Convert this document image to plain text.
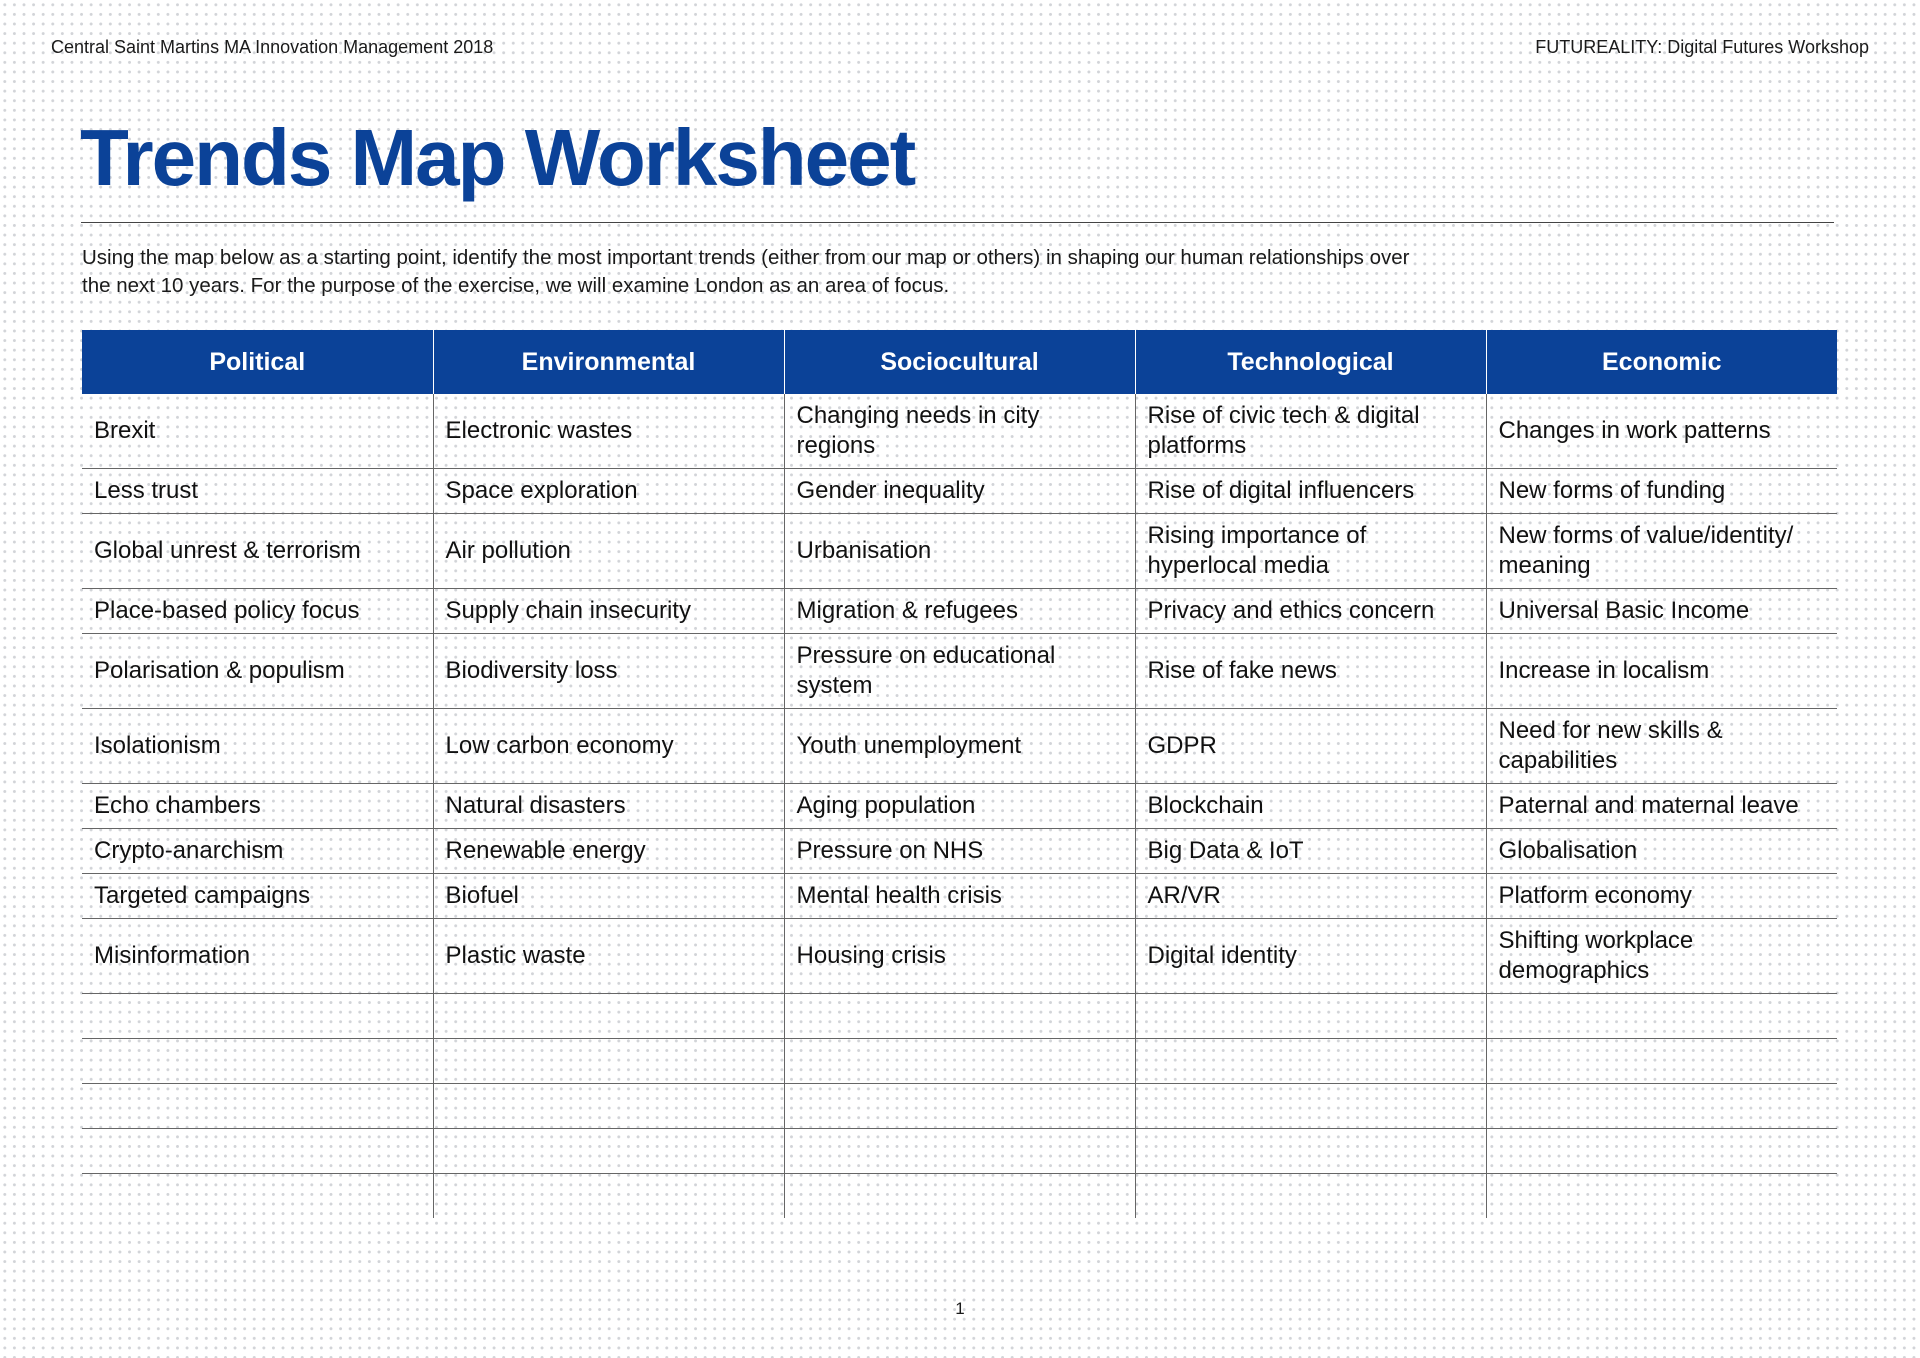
Central Saint Martins MA Innovation Management 2018	FUTUREALITY: Digital Futures Workshop
Trends Map Worksheet

Using the map below as a starting point, identify the most important trends (either from our map or others) in shaping our human relationships over the next 10 years. For the purpose of the exercise, we will examine London as an area of focus.

Political	Environmental	Sociocultural	Technological	Economic
Brexit	Electronic wastes	Changing needs in city regions	Rise of civic tech & digital platforms	Changes in work patterns
Less trust	Space exploration	Gender inequality	Rise of digital influencers	New forms of funding
Global unrest & terrorism	Air pollution	Urbanisation	Rising importance of hyperlocal media	New forms of value/identity/ meaning
Place-based policy focus	Supply chain insecurity	Migration & refugees	Privacy and ethics concern	Universal Basic Income
Polarisation & populism	Biodiversity loss	Pressure on educational system	Rise of fake news	Increase in localism
Isolationism	Low carbon economy	Youth unemployment	GDPR	Need for new skills & capabilities
Echo chambers	Natural disasters	Aging population	Blockchain	Paternal and maternal leave
Crypto-anarchism	Renewable energy	Pressure on NHS	Big Data & IoT	Globalisation
Targeted campaigns	Biofuel	Mental health crisis	AR/VR	Platform economy
Misinformation	Plastic waste	Housing crisis	Digital identity	Shifting workplace demographics

1
